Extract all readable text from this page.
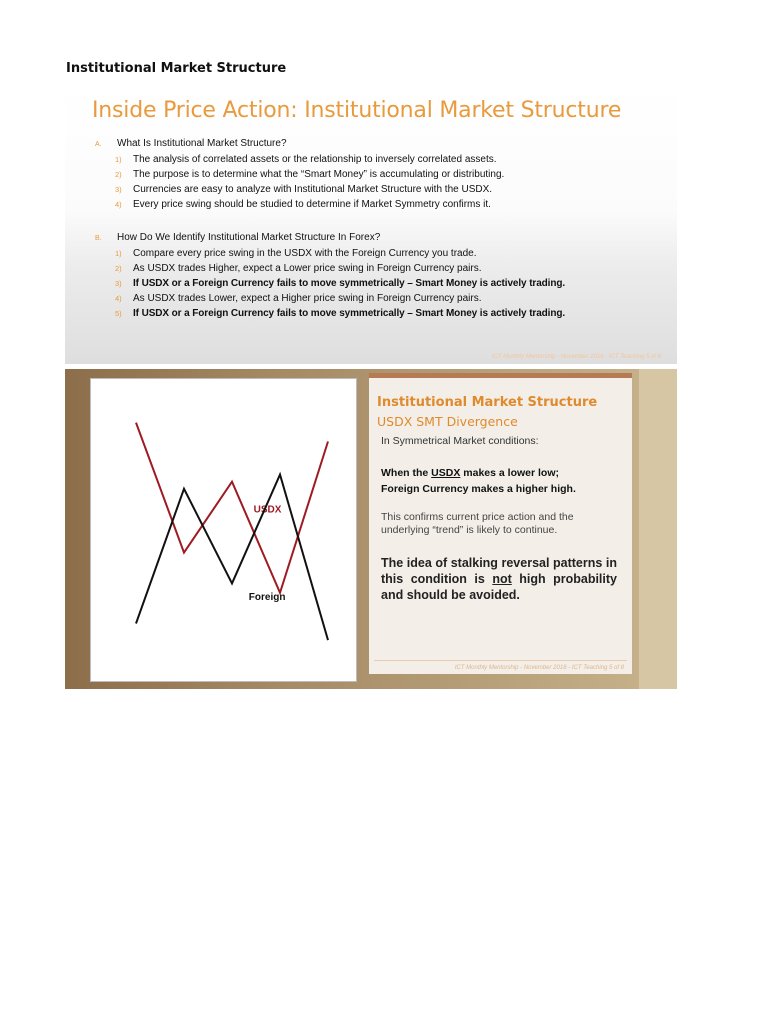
Institutional Market Structure
Inside Price Action: Institutional Market Structure
A.	What Is Institutional Market Structure?
1)	The analysis of correlated assets or the relationship to inversely correlated assets.
2)	The purpose is to determine what the “Smart Money” is accumulating or distributing.
3)	Currencies are easy to analyze with Institutional Market Structure with the USDX.
4)	Every price swing should be studied to determine if Market Symmetry confirms it.
B.	How Do We Identify Institutional Market Structure In Forex?
1)	Compare every price swing in the USDX with the Foreign Currency you trade.
2)	As USDX trades Higher, expect a Lower price swing in Foreign Currency pairs.
3)	If USDX or a Foreign Currency fails to move symmetrically – Smart Money is actively trading.
4)	As USDX trades Lower, expect a Higher price swing in Foreign Currency pairs.
5)	If USDX or a Foreign Currency fails to move symmetrically – Smart Money is actively trading.
ICT Monthly Mentorship - November 2016 - ICT Teaching 5 of 8
USDX
Foreign
Institutional Market Structure
USDX SMT Divergence
In Symmetrical Market conditions:
When the USDX makes a lower low;
Foreign Currency makes a higher high.
This confirms current price action and the
underlying “trend” is likely to continue.
The idea of stalking reversal patterns in this condition is not high probability and should be avoided.
ICT Monthly Mentorship - November 2016 - ICT Teaching 5 of 8
